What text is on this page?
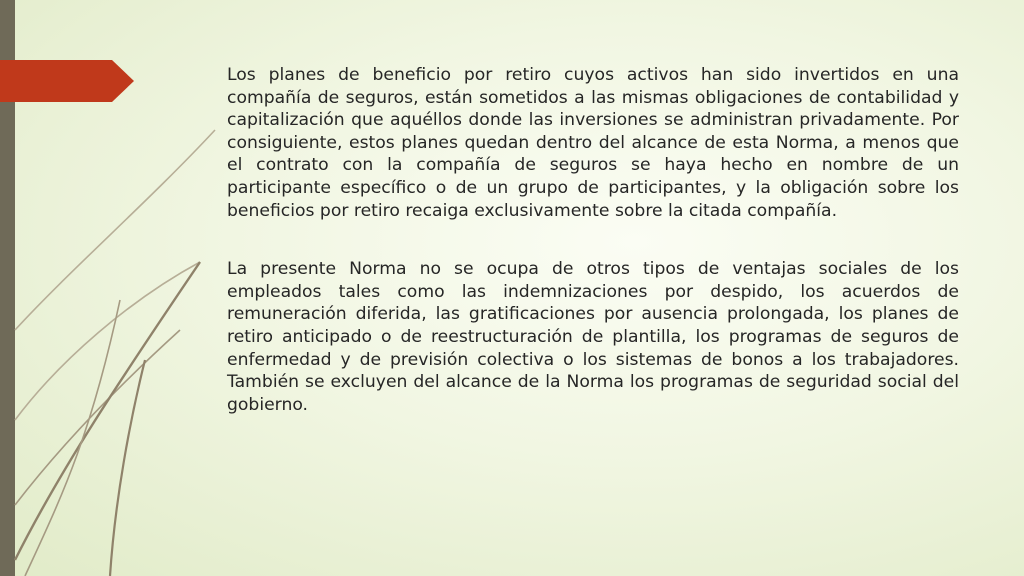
Los planes de beneficio por retiro cuyos activos han sido invertidos en una compañía de seguros, están sometidos a las mismas obligaciones de contabilidad y capitalización que aquéllos donde las inversiones se administran privadamente. Por consiguiente, estos planes quedan dentro del alcance de esta Norma, a menos que el contrato con la compañía de seguros se haya hecho en nombre de un participante específico o de un grupo de participantes, y la obligación sobre los beneficios por retiro recaiga exclusivamente sobre la citada compañía.

La presente Norma no se ocupa de otros tipos de ventajas sociales de los empleados tales como las indemnizaciones por despido, los acuerdos de remuneración diferida, las gratificaciones por ausencia prolongada, los planes de retiro anticipado o de reestructuración de plantilla, los programas de seguros de enfermedad y de previsión colectiva o los sistemas de bonos a los trabajadores. También se excluyen del alcance de la Norma los programas de seguridad social del gobierno.
